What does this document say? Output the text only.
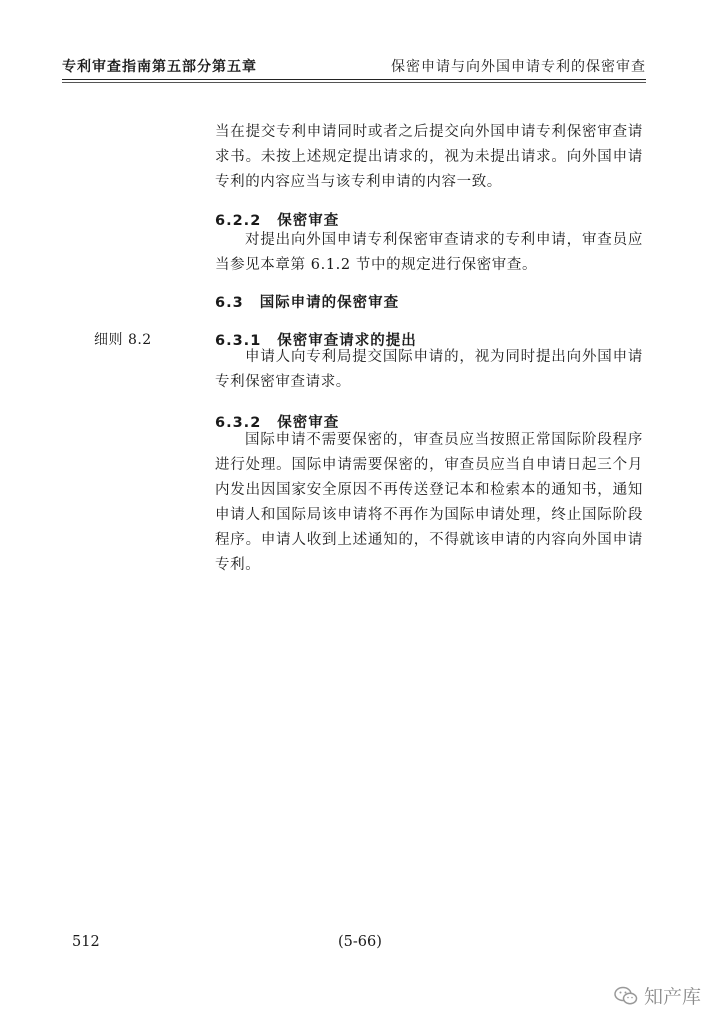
专利审查指南第五部分第五章	保密申请与向外国申请专利的保密审查

当在提交专利申请同时或者之后提交向外国申请专利保密审查请求书。未按上述规定提出请求的，视为未提出请求。向外国申请专利的内容应当与该专利申请的内容一致。

6.2.2 保密审查

对提出向外国申请专利保密审查请求的专利申请，审查员应当参见本章第 6.1.2 节中的规定进行保密审查。

6.3 国际申请的保密审查
细则 8.2	6.3.1 保密审查请求的提出

申请人向专利局提交国际申请的，视为同时提出向外国申请专利保密审查请求。

6.3.2 保密审查

国际申请不需要保密的，审查员应当按照正常国际阶段程序进行处理。国际申请需要保密的，审查员应当自申请日起三个月内发出因国家安全原因不再传送登记本和检索本的通知书，通知申请人和国际局该申请将不再作为国际申请处理，终止国际阶段程序。申请人收到上述通知的，不得就该申请的内容向外国申请专利。

512	(5-66)
知产库
